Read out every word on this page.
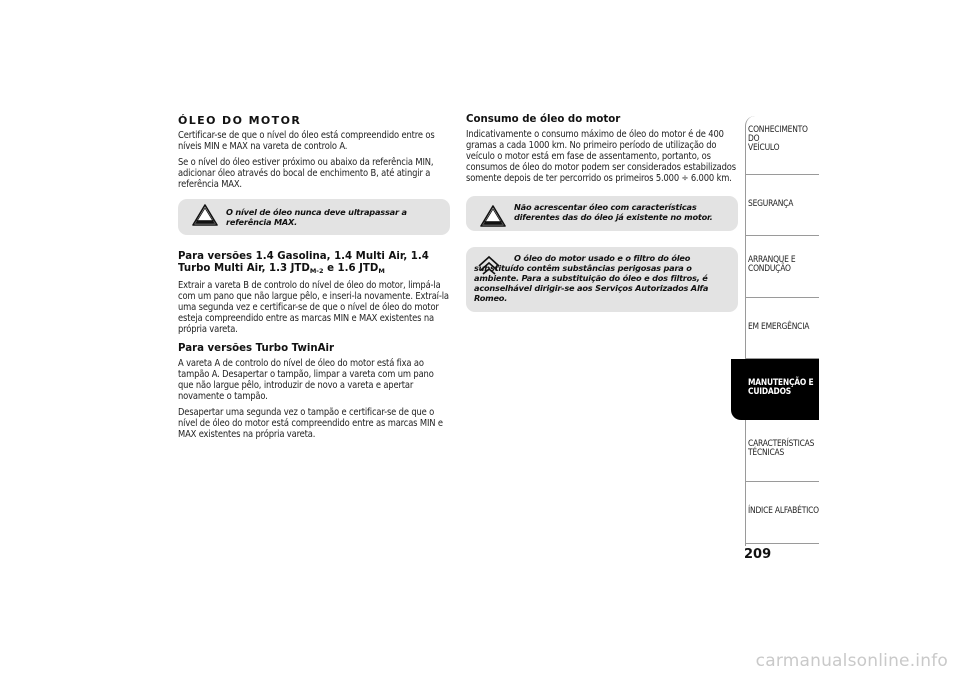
ÓLEO DO MOTOR
Certificar-se de que o nível do óleo está compreendido entre os níveis MIN e MAX na vareta de controlo A.
Se o nível do óleo estiver próximo ou abaixo da referência MIN, adicionar óleo através do bocal de enchimento B, até atingir a referência MAX.
O nível de óleo nunca deve ultrapassar a referência MAX.
Para versões 1.4 Gasolina, 1.4 Multi Air, 1.4 Turbo Multi Air, 1.3 $JTD_{M-2}$ e 1.6 $JTD_M$
Extrair a vareta B de controlo do nível de óleo do motor, limpá-la com um pano que não largue pêlo, e inseri-la novamente. Extraí-la uma segunda vez e certificar-se de que o nível de óleo do motor esteja compreendido entre as marcas MIN e MAX existentes na própria vareta.
Para versões Turbo TwinAir
A vareta A de controlo do nível de óleo do motor está fixa ao tampão A. Desapertar o tampão, limpar a vareta com um pano que não largue pêlo, introduzir de novo a vareta e apertar novamente o tampão.
Desapertar uma segunda vez o tampão e certificar-se de que o nível de óleo do motor está compreendido entre as marcas MIN e MAX existentes na própria vareta.
Consumo de óleo do motor
Indicativamente o consumo máximo de óleo do motor é de 400 gramas a cada 1000 km. No primeiro período de utilização do veículo o motor está em fase de assentamento, portanto, os consumos de óleo do motor podem ser considerados estabilizados somente depois de ter percorrido os primeiros 5.000 ÷ 6.000 km.
Não acrescentar óleo com características diferentes das do óleo já existente no motor.
O óleo do motor usado e o filtro do óleo substituído contêm substâncias perigosas para o ambiente. Para a substituição do óleo e dos filtros, é aconselhável dirigir-se aos Serviços Autorizados Alfa Romeo.
CONHECIMENTO DO
VEÍCULO
SEGURANÇA
ARRANQUE E
CONDUÇÃO
EM EMERGÊNCIA
MANUTENÇÃO E
CUIDADOS
CARACTERÍSTICAS
TÉCNICAS
ÍNDICE ALFABÉTICO
209
carmanualsonline.info
